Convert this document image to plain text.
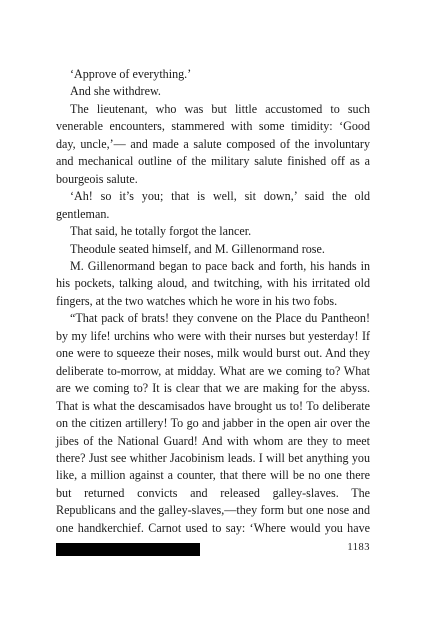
‘Approve of everything.’

And she withdrew.

The lieutenant, who was but little accustomed to such venerable encounters, stammered with some timidity: ‘Good day, uncle,’— and made a salute composed of the involuntary and mechanical outline of the military salute finished off as a bourgeois salute.

‘Ah! so it’s you; that is well, sit down,’ said the old gentleman.

That said, he totally forgot the lancer.

Theodule seated himself, and M. Gillenormand rose.

M. Gillenormand began to pace back and forth, his hands in his pockets, talking aloud, and twitching, with his irritated old fingers, at the two watches which he wore in his two fobs.

“That pack of brats! they convene on the Place du Pantheon! by my life! urchins who were with their nurses but yesterday! If one were to squeeze their noses, milk would burst out. And they deliberate to-morrow, at midday. What are we coming to? What are we coming to? It is clear that we are making for the abyss. That is what the descamisados have brought us to! To deliberate on the citizen artillery! To go and jabber in the open air over the jibes of the National Guard! And with whom are they to meet there? Just see whither Jacobinism leads. I will bet anything you like, a million against a counter, that there will be no one there but returned convicts and released galley-slaves. The Republicans and the galley-slaves,—they form but one nose and one handkerchief. Carnot used to say: ‘Where would you have

1183
